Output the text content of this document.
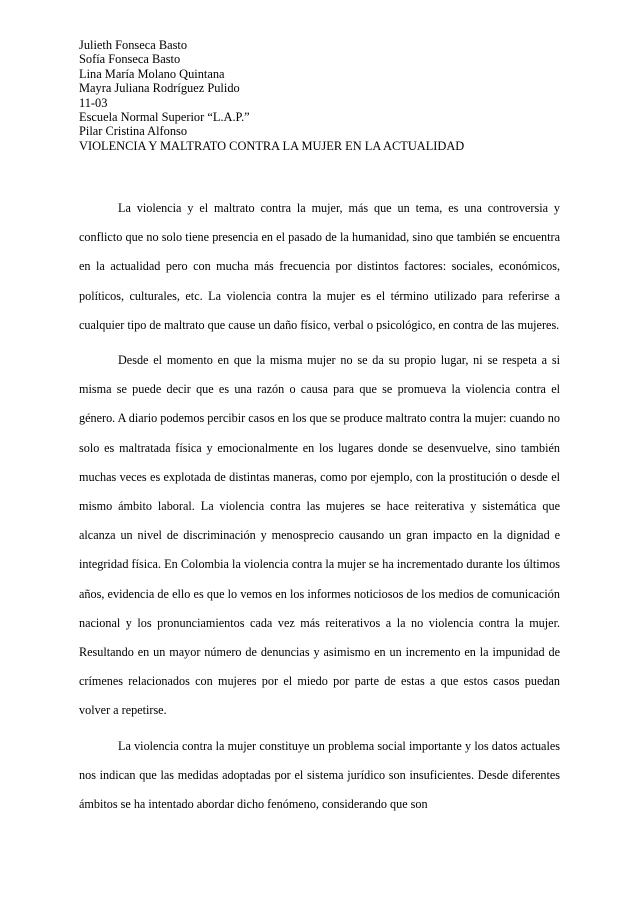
Julieth Fonseca Basto
Sofía Fonseca Basto
Lina María Molano Quintana
Mayra Juliana Rodríguez Pulido
11-03
Escuela Normal Superior “L.A.P.”
Pilar Cristina Alfonso
VIOLENCIA Y MALTRATO CONTRA LA MUJER EN LA ACTUALIDAD

La violencia y el maltrato contra la mujer, más que un tema, es una controversia y conflicto que no solo tiene presencia en el pasado de la humanidad, sino que también se encuentra en la actualidad pero con mucha más frecuencia por distintos factores: sociales, económicos, políticos, culturales, etc. La violencia contra la mujer es el término utilizado para referirse a cualquier tipo de maltrato que cause un daño físico, verbal o psicológico, en contra de las mujeres.

Desde el momento en que la misma mujer no se da su propio lugar, ni se respeta a si misma se puede decir que es una razón o causa para que se promueva la violencia contra el género. A diario podemos percibir casos en los que se produce maltrato contra la mujer: cuando no solo es maltratada física y emocionalmente en los lugares donde se desenvuelve, sino también muchas veces es explotada de distintas maneras, como por ejemplo, con la prostitución o desde el mismo ámbito laboral. La violencia contra las mujeres se hace reiterativa y sistemática que alcanza un nivel de discriminación y menosprecio causando un gran impacto en la dignidad e integridad física. En Colombia la violencia contra la mujer se ha incrementado durante los últimos años, evidencia de ello es que lo vemos en los informes noticiosos de los medios de comunicación nacional y los pronunciamientos cada vez más reiterativos a la no violencia contra la mujer. Resultando en un mayor número de denuncias y asimismo en un incremento en la impunidad de crímenes relacionados con mujeres por el miedo por parte de estas a que estos casos puedan volver a repetirse.

La violencia contra la mujer constituye un problema social importante y los datos actuales nos indican que las medidas adoptadas por el sistema jurídico son insuficientes. Desde diferentes ámbitos se ha intentado abordar dicho fenómeno, considerando que son
